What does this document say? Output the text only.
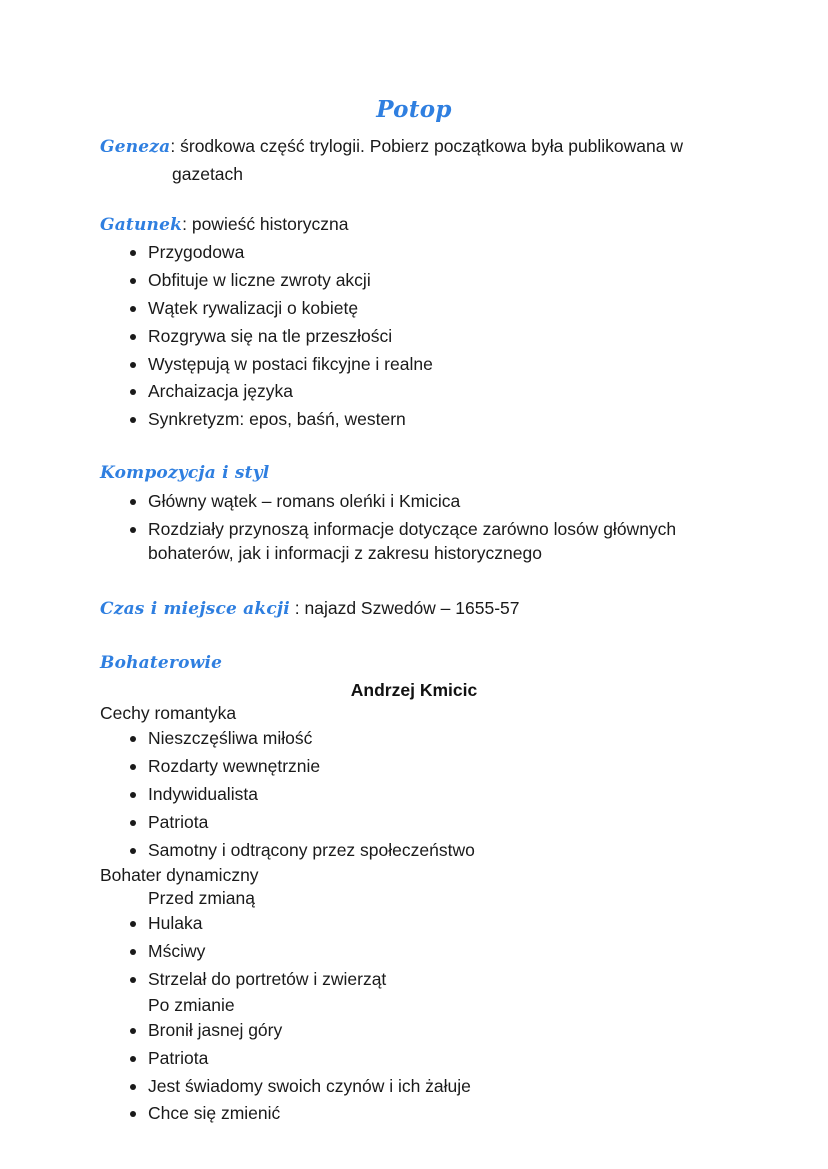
Potop
Geneza: środkowa część trylogii. Pobierz początkowa była publikowana w
gazetach
Gatunek: powieść historyczna
Przygodowa
Obfituje w liczne zwroty akcji
Wątek rywalizacji o kobietę
Rozgrywa się na tle przeszłości
Występują w postaci fikcyjne i realne
Archaizacja języka
Synkretyzm: epos, baśń, western
Kompozycja i styl
Główny wątek – romans oleńki i Kmicica
Rozdziały przynoszą informacje dotyczące zarówno losów głównych bohaterów, jak i informacji z zakresu historycznego
Czas i miejsce akcji : najazd Szwedów – 1655-57
Bohaterowie
Andrzej Kmicic
Cechy romantyka
Nieszczęśliwa miłość
Rozdarty wewnętrznie
Indywidualista
Patriota
Samotny i odtrącony przez społeczeństwo
Bohater dynamiczny
Przed zmianą
Hulaka
Mściwy
Strzelał do portretów i zwierząt
Po zmianie
Bronił jasnej góry
Patriota
Jest świadomy swoich czynów i ich żałuje
Chce się zmienić
